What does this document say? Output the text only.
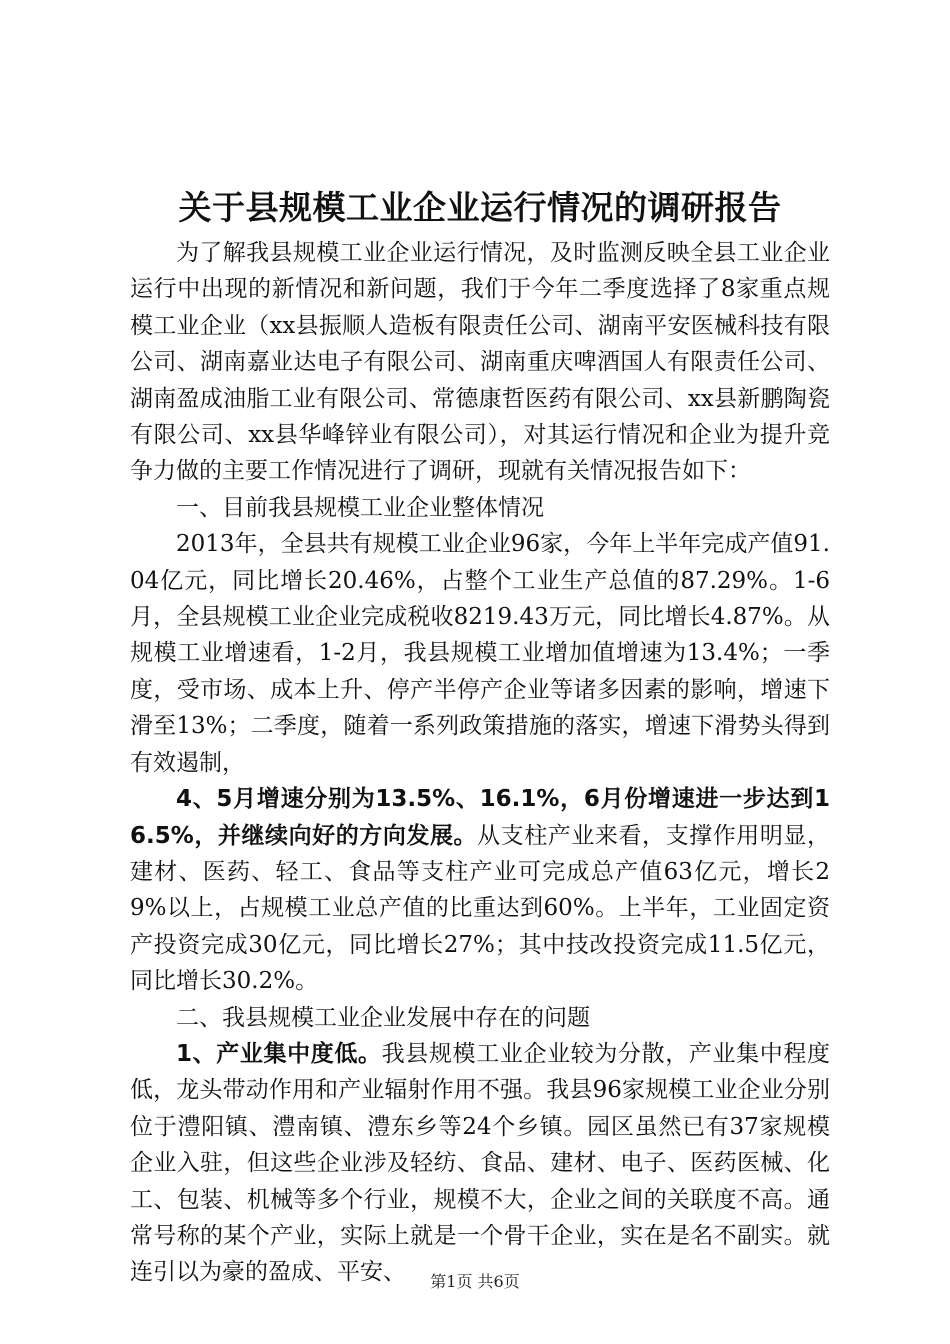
关于县规模工业企业运行情况的调研报告

为了解我县规模工业企业运行情况，及时监测反映全县工业企业运行中出现的新情况和新问题，我们于今年二季度选择了8家重点规模工业企业（xx县振顺人造板有限责任公司、湖南平安医械科技有限公司、湖南嘉业达电子有限公司、湖南重庆啤酒国人有限责任公司、湖南盈成油脂工业有限公司、常德康哲医药有限公司、xx县新鹏陶瓷有限公司、xx县华峰锌业有限公司），对其运行情况和企业为提升竞争力做的主要工作情况进行了调研，现就有关情况报告如下：

一、目前我县规模工业企业整体情况

2013年，全县共有规模工业企业96家，今年上半年完成产值91.04亿元，同比增长20.46%，占整个工业生产总值的87.29%。1-6月，全县规模工业企业完成税收8219.43万元，同比增长4.87%。从规模工业增速看，1-2月，我县规模工业增加值增速为13.4%；一季度，受市场、成本上升、停产半停产企业等诸多因素的影响，增速下滑至13%；二季度，随着一系列政策措施的落实，增速下滑势头得到有效遏制，

4、5月增速分别为13.5%、16.1%，6月份增速进一步达到16.5%，并继续向好的方向发展。从支柱产业来看，支撑作用明显，建材、医药、轻工、食品等支柱产业可完成总产值63亿元，增长29%以上，占规模工业总产值的比重达到60%。上半年，工业固定资产投资完成30亿元，同比增长27%；其中技改投资完成11.5亿元，同比增长30.2%。

二、我县规模工业企业发展中存在的问题

1、产业集中度低。我县规模工业企业较为分散，产业集中程度低，龙头带动作用和产业辐射作用不强。我县96家规模工业企业分别位于澧阳镇、澧南镇、澧东乡等24个乡镇。园区虽然已有37家规模企业入驻，但这些企业涉及轻纺、食品、建材、电子、医药医械、化工、包装、机械等多个行业，规模不大，企业之间的关联度不高。通常号称的某个产业，实际上就是一个骨干企业，实在是名不副实。就连引以为豪的盈成、平安、	第1页 共6页
